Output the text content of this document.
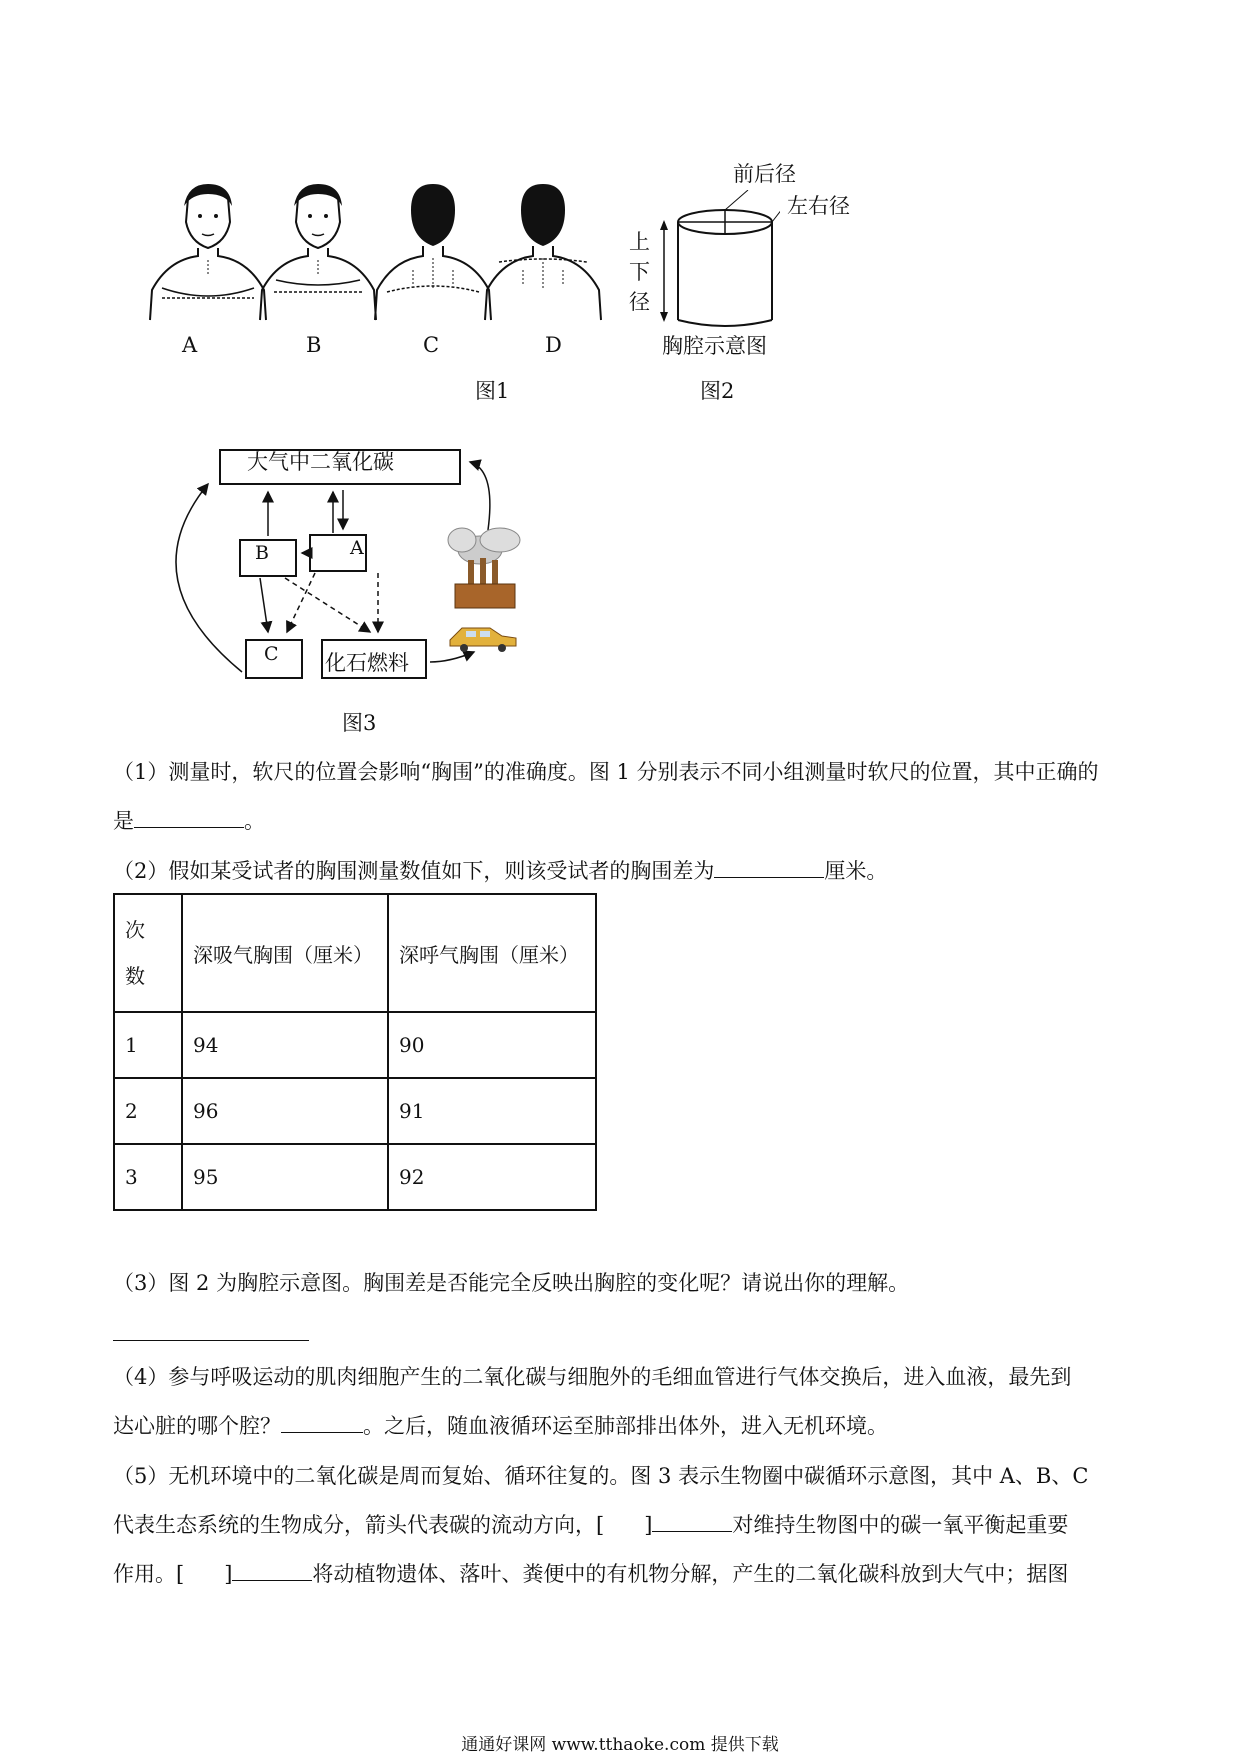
A	B	C	D
图1
前后径
左右径
上
下
径
胸腔示意图
图2
大气中二氧化碳
A
B
C 化石燃料
图3
（1）测量时，软尺的位置会影响“胸围”的准确度。图 1 分别表示不同小组测量时软尺的位置，其中正确的
是	。
（2）假如某受试者的胸围测量数值如下，则该受试者的胸围差为	厘米。
次
数	深吸气胸围（厘米）	深呼气胸围（厘米）
1	94	90
2	96	91
3	95	92
（3）图 2 为胸腔示意图。胸围差是否能完全反映出胸腔的变化呢？请说出你的理解。
（4）参与呼吸运动的肌肉细胞产生的二氧化碳与细胞外的毛细血管进行气体交换后，进入血液，最先到
达心脏的哪个腔？	。之后，随血液循环运至肺部排出体外，进入无机环境。
（5）无机环境中的二氧化碳是周而复始、循环往复的。图 3 表示生物圈中碳循环示意图，其中 A、B、C
代表生态系统的生物成分，箭头代表碳的流动方向，[ ]	对维持生物图中的碳一氧平衡起重要
作用。[ ]	将动植物遗体、落叶、粪便中的有机物分解，产生的二氧化碳科放到大气中；据图
通通好课网 www.tthaoke.com 提供下载
